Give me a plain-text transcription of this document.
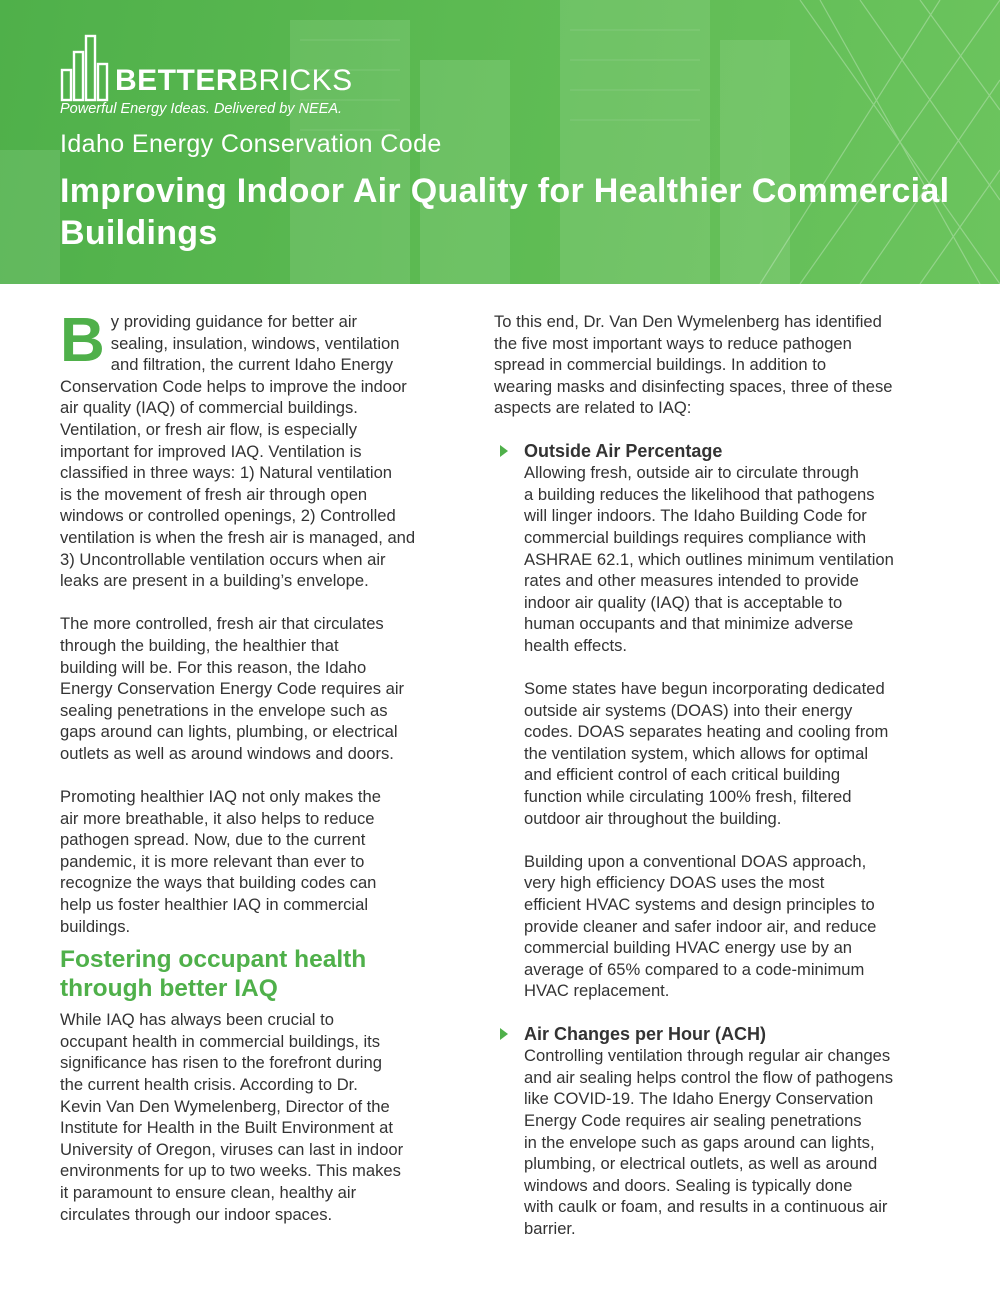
BETTERBRICKS
Powerful Energy Ideas. Delivered by NEEA.
Idaho Energy Conservation Code
Improving Indoor Air Quality for Healthier Commercial Buildings

By providing guidance for better air
sealing, insulation, windows, ventilation
and filtration, the current Idaho Energy
Conservation Code helps to improve the indoor
air quality (IAQ) of commercial buildings.
Ventilation, or fresh air flow, is especially
important for improved IAQ. Ventilation is
classified in three ways: 1) Natural ventilation
is the movement of fresh air through open
windows or controlled openings, 2) Controlled
ventilation is when the fresh air is managed, and
3) Uncontrollable ventilation occurs when air
leaks are present in a building’s envelope.

The more controlled, fresh air that circulates
through the building, the healthier that
building will be. For this reason, the Idaho
Energy Conservation Energy Code requires air
sealing penetrations in the envelope such as
gaps around can lights, plumbing, or electrical
outlets as well as around windows and doors.

Promoting healthier IAQ not only makes the
air more breathable, it also helps to reduce
pathogen spread. Now, due to the current
pandemic, it is more relevant than ever to
recognize the ways that building codes can
help us foster healthier IAQ in commercial
buildings.

Fostering occupant health
through better IAQ

While IAQ has always been crucial to
occupant health in commercial buildings, its
significance has risen to the forefront during
the current health crisis. According to Dr.
Kevin Van Den Wymelenberg, Director of the
Institute for Health in the Built Environment at
University of Oregon, viruses can last in indoor
environments for up to two weeks. This makes
it paramount to ensure clean, healthy air
circulates through our indoor spaces.

To this end, Dr. Van Den Wymelenberg has identified
the five most important ways to reduce pathogen
spread in commercial buildings. In addition to
wearing masks and disinfecting spaces, three of these
aspects are related to IAQ:

Outside Air Percentage

Allowing fresh, outside air to circulate through
a building reduces the likelihood that pathogens
will linger indoors. The Idaho Building Code for
commercial buildings requires compliance with
ASHRAE 62.1, which outlines minimum ventilation
rates and other measures intended to provide
indoor air quality (IAQ) that is acceptable to
human occupants and that minimize adverse
health effects.

Some states have begun incorporating dedicated
outside air systems (DOAS) into their energy
codes. DOAS separates heating and cooling from
the ventilation system, which allows for optimal
and efficient control of each critical building
function while circulating 100% fresh, filtered
outdoor air throughout the building.

Building upon a conventional DOAS approach,
very high efficiency DOAS uses the most
efficient HVAC systems and design principles to
provide cleaner and safer indoor air, and reduce
commercial building HVAC energy use by an
average of 65% compared to a code-minimum
HVAC replacement.

Air Changes per Hour (ACH)

Controlling ventilation through regular air changes
and air sealing helps control the flow of pathogens
like COVID-19. The Idaho Energy Conservation
Energy Code requires air sealing penetrations
in the envelope such as gaps around can lights,
plumbing, or electrical outlets, as well as around
windows and doors. Sealing is typically done
with caulk or foam, and results in a continuous air
barrier.
